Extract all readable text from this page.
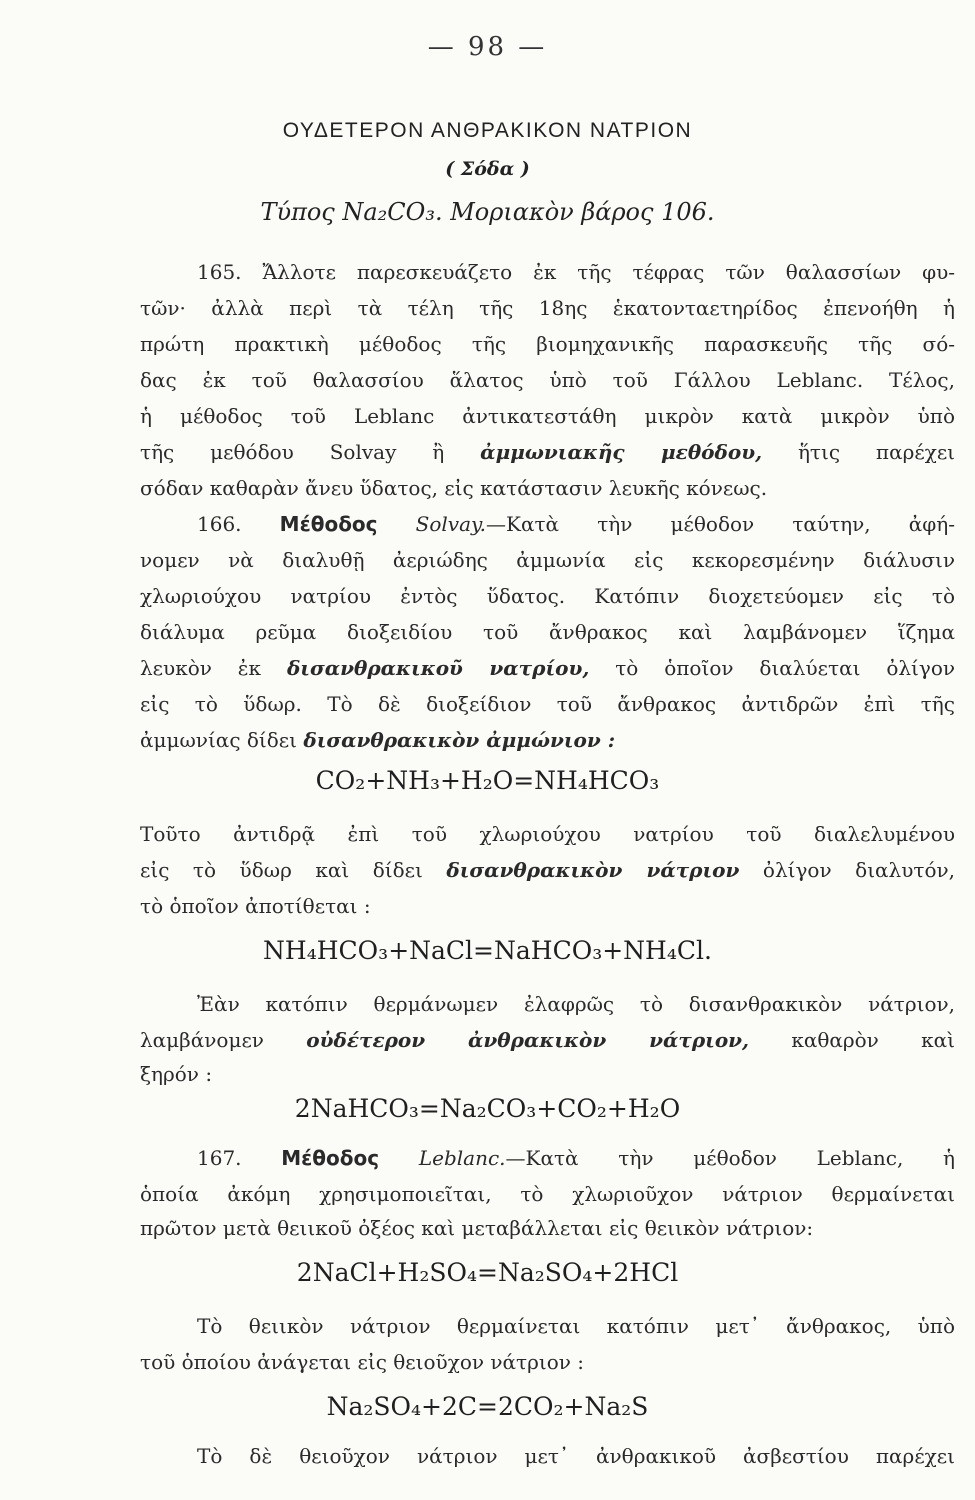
— 98 —
ΟΥΔΕΤΕΡΟΝ ΑΝΘΡΑΚΙΚΟΝ ΝΑΤΡΙΟΝ
( Σόδα )
Τύπος Na₂CO₃. Μοριακὸν βάρος 106.
165. Ἄλλοτε παρεσκευάζετο ἐκ τῆς τέφρας τῶν θαλασσίων φυ-
τῶν· ἀλλὰ περὶ τὰ τέλη τῆς 18ης ἑκατονταετηρίδος ἐπενοήθη ἡ
πρώτη πρακτικὴ μέθοδος τῆς βιομηχανικῆς παρασκευῆς τῆς σό-
δας ἐκ τοῦ θαλασσίου ἅλατος ὑπὸ τοῦ Γάλλου Leblanc. Τέλος,
ἡ μέθοδος τοῦ Leblanc ἀντικατεστάθη μικρὸν κατὰ μικρὸν ὑπὸ
τῆς μεθόδου Solvay ἢ ἀμμωνιακῆς μεθόδου, ἥτις παρέχει
σόδαν καθαρὰν ἄνευ ὕδατος, εἰς κατάστασιν λευκῆς κόνεως.
166. Μέθοδος Solvay.—Κατὰ τὴν μέθοδον ταύτην, ἀφή-
νομεν νὰ διαλυθῇ ἀεριώδης ἀμμωνία εἰς κεκορεσμένην διάλυσιν
χλωριούχου νατρίου ἐντὸς ὕδατος. Κατόπιν διοχετεύομεν εἰς τὸ
διάλυμα ρεῦμα διοξειδίου τοῦ ἄνθρακος καὶ λαμβάνομεν ἵζημα
λευκὸν ἐκ δισανθρακικοῦ νατρίου, τὸ ὁποῖον διαλύεται ὀλίγον
εἰς τὸ ὕδωρ. Τὸ δὲ διοξείδιον τοῦ ἄνθρακος ἀντιδρῶν ἐπὶ τῆς
ἀμμωνίας δίδει δισανθρακικὸν ἀμμώνιον :
CO₂+NH₃+H₂O=NH₄HCO₃
Τοῦτο ἀντιδρᾷ ἐπὶ τοῦ χλωριούχου νατρίου τοῦ διαλελυμένου
εἰς τὸ ὕδωρ καὶ δίδει δισανθρακικὸν νάτριον ὀλίγον διαλυτόν,
τὸ ὁποῖον ἀποτίθεται :
NH₄HCO₃+NaCl=NaHCO₃+NH₄Cl.
Ἐὰν κατόπιν θερμάνωμεν ἐλαφρῶς τὸ δισανθρακικὸν νάτριον,
λαμβάνομεν οὐδέτερον ἀνθρακικὸν νάτριον, καθαρὸν καὶ
ξηρόν :
2NaHCO₃=Na₂CO₃+CO₂+H₂O
167. Μέθοδος Leblanc.—Κατὰ τὴν μέθοδον Leblanc, ἡ
ὁποία ἀκόμη χρησιμοποιεῖται, τὸ χλωριοῦχον νάτριον θερμαίνεται
πρῶτον μετὰ θειικοῦ ὀξέος καὶ μεταβάλλεται εἰς θειικὸν νάτριον:
2NaCl+H₂SO₄=Na₂SO₄+2HCl
Τὸ θειικὸν νάτριον θερμαίνεται κατόπιν μετ᾽ ἄνθρακος, ὑπὸ
τοῦ ὁποίου ἀνάγεται εἰς θειοῦχον νάτριον :
Na₂SO₄+2C=2CO₂+Na₂S
Τὸ δὲ θειοῦχον νάτριον μετ᾽ ἀνθρακικοῦ ἀσβεστίου παρέχει
